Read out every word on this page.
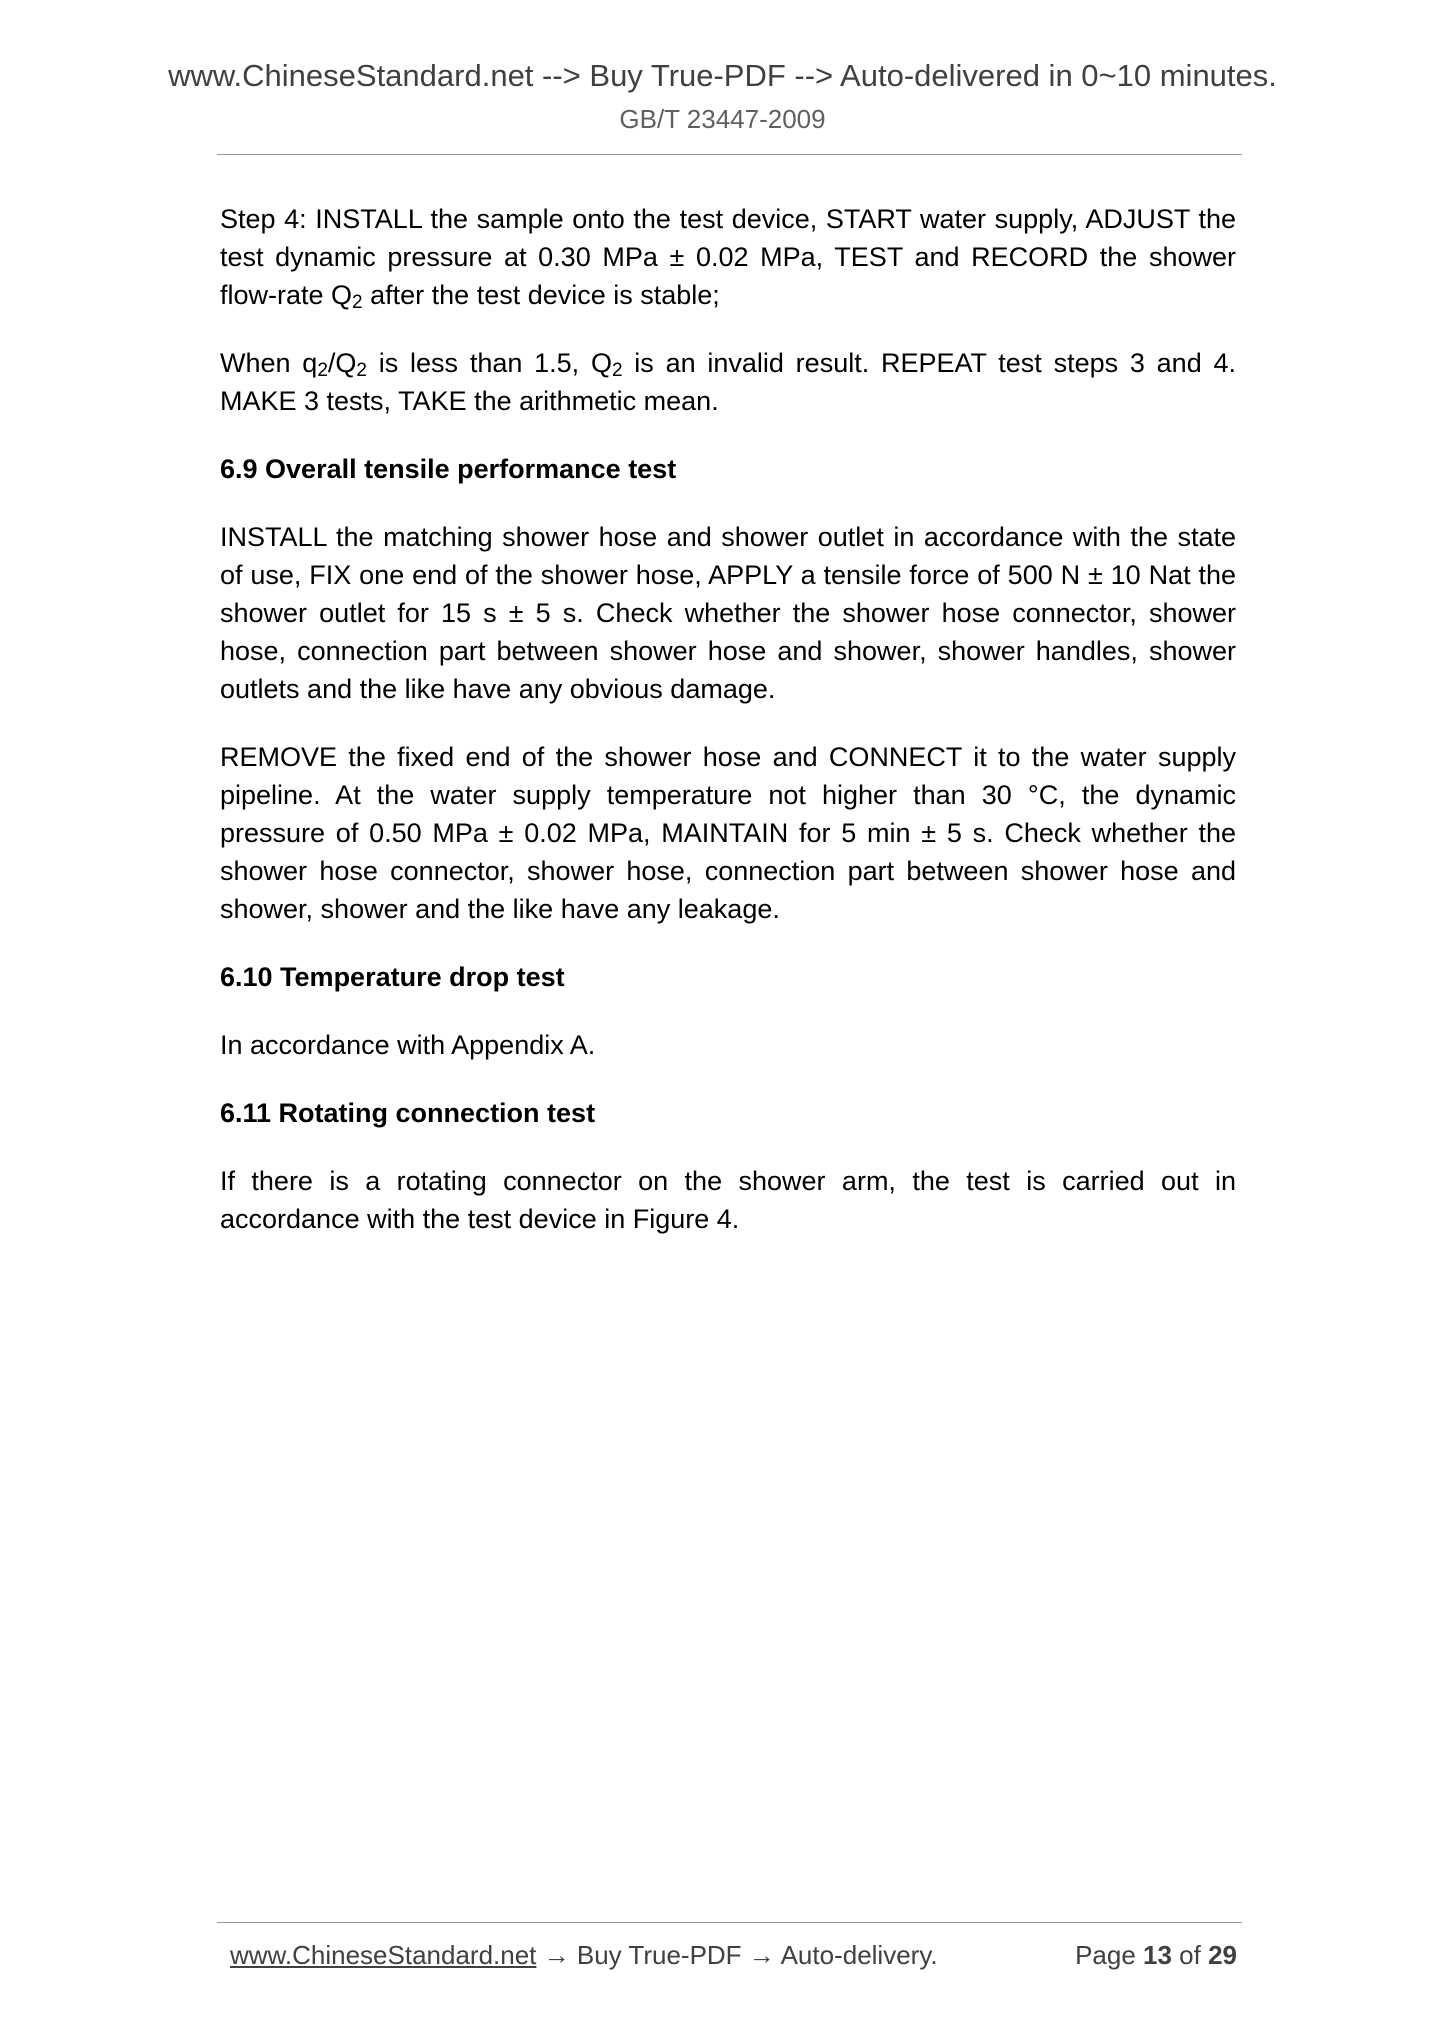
www.ChineseStandard.net --> Buy True-PDF --> Auto-delivered in 0~10 minutes.
GB/T 23447-2009

Step 4: INSTALL the sample onto the test device, START water supply, ADJUST the test dynamic pressure at 0.30 MPa ± 0.02 MPa, TEST and RECORD the shower flow-rate $Q_2$ after the test device is stable;

When $q_2/Q_2$ is less than 1.5, $Q_2$ is an invalid result. REPEAT test steps 3 and 4. MAKE 3 tests, TAKE the arithmetic mean.

6.9 Overall tensile performance test

INSTALL the matching shower hose and shower outlet in accordance with the state of use, FIX one end of the shower hose, APPLY a tensile force of 500 N ± 10 Nat the shower outlet for 15 s ± 5 s. Check whether the shower hose connector, shower hose, connection part between shower hose and shower, shower handles, shower outlets and the like have any obvious damage.

REMOVE the fixed end of the shower hose and CONNECT it to the water supply pipeline. At the water supply temperature not higher than 30 °C, the dynamic pressure of 0.50 MPa ± 0.02 MPa, MAINTAIN for 5 min ± 5 s. Check whether the shower hose connector, shower hose, connection part between shower hose and shower, shower and the like have any leakage.

6.10 Temperature drop test

In accordance with Appendix A.

6.11 Rotating connection test

If there is a rotating connector on the shower arm, the test is carried out in accordance with the test device in Figure 4.

www.ChineseStandard.net → Buy True-PDF → Auto-delivery.	Page 13 of 29
